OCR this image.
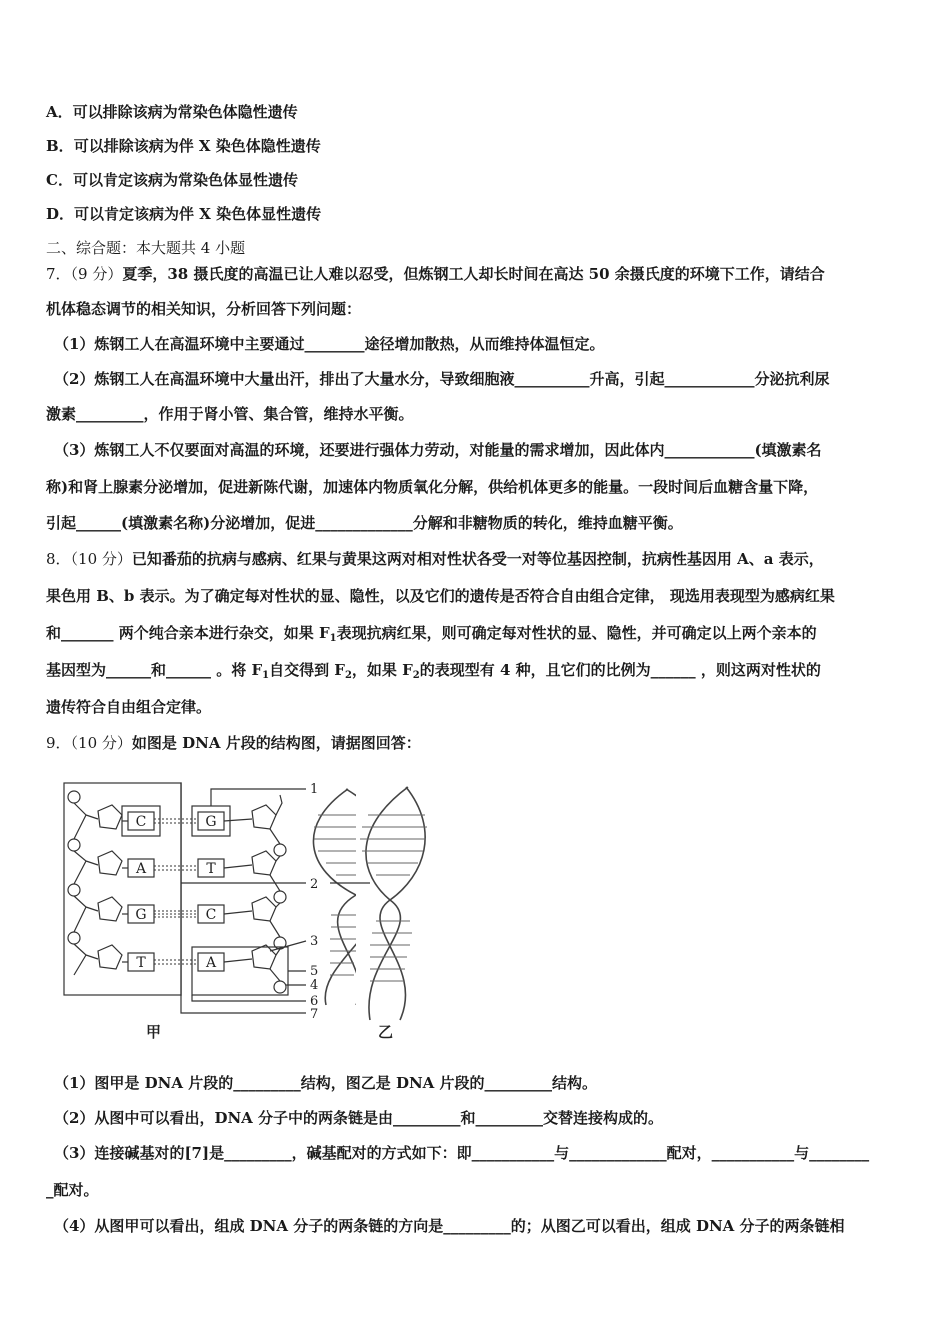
A．可以排除该病为常染色体隐性遗传
B．可以排除该病为伴 X 染色体隐性遗传
C．可以肯定该病为常染色体显性遗传
D．可以肯定该病为伴 X 染色体显性遗传
二、综合题：本大题共 4 小题
7．（9 分）夏季，38 摄氏度的高温已让人难以忍受，但炼钢工人却长时间在高达 50 余摄氏度的环境下工作，请结合
机体稳态调节的相关知识，分析回答下列问题：
（1）炼钢工人在高温环境中主要通过________途径增加散热，从而维持体温恒定。
（2）炼钢工人在高温环境中大量出汗，排出了大量水分，导致细胞液__________升高，引起____________分泌抗利尿
激素_________，作用于肾小管、集合管，维持水平衡。
（3）炼钢工人不仅要面对高温的环境，还要进行强体力劳动，对能量的需求增加，因此体内____________(填激素名
称)和肾上腺素分泌增加，促进新陈代谢，加速体内物质氧化分解，供给机体更多的能量。一段时间后血糖含量下降，
引起______(填激素名称)分泌增加，促进_____________分解和非糖物质的转化，维持血糖平衡。
8．（10 分）已知番茄的抗病与感病、红果与黄果这两对相对性状各受一对等位基因控制，抗病性基因用 A、a 表示，
果色用 B、b 表示。为了确定每对性状的显、隐性，以及它们的遗传是否符合自由组合定律， 现选用表现型为感病红果
和_______ 两个纯合亲本进行杂交，如果 $F_1$表现抗病红果，则可确定每对性状的显、隐性，并可确定以上两个亲本的
基因型为______和______ 。将 $F_1$自交得到 $F_2$，如果 $F_2$的表现型有 4 种，且它们的比例为______ ，则这两对性状的
遗传符合自由组合定律。
9．（10 分）如图是 DNA 片段的结构图，请据图回答：
C
A
G
T
G
T
C
A
1
2
3
5
4
6
7
甲	乙
（1）图甲是 DNA 片段的_________结构，图乙是 DNA 片段的_________结构。
（2）从图中可以看出，DNA 分子中的两条链是由_________和_________交替连接构成的。
（3）连接碱基对的[7]是_________，碱基配对的方式如下：即___________与_____________配对，___________与________
_配对。
（4）从图甲可以看出，组成 DNA 分子的两条链的方向是_________的；从图乙可以看出，组成 DNA 分子的两条链相
